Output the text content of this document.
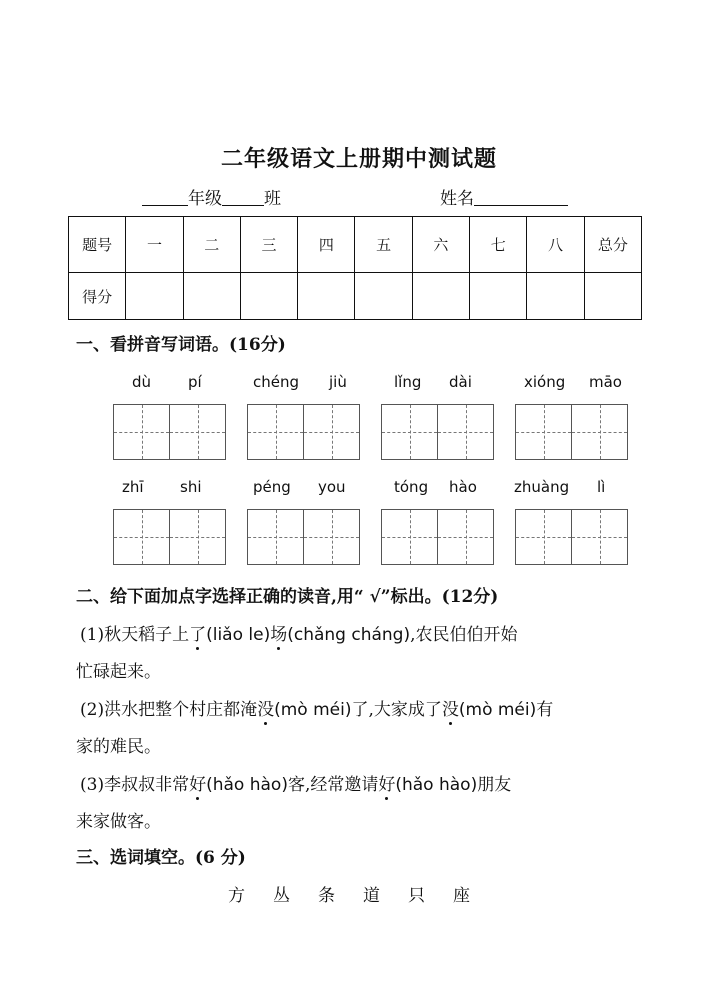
二年级语文上册期中测试题
年级 班	姓名
题号	一	二	三	四	五	六	七	八	总分
得分									
一、看拼音写词语。(16分)
dù pí	chéng jiù	lǐng dài	xióng māo
zhī shi	péng you	tóng hào zhuàng lì
二、给下面加点字选择正确的读音,用“ √”标出。(12分)
(1)秋天稻子上了(liǎo le)场(chǎng cháng),农民伯伯开始
忙碌起来。
(2)洪水把整个村庄都淹没(mò méi)了,大家成了没(mò méi)有
家的难民。
(3)李叔叔非常好(hǎo hào)客,经常邀请好(hǎo hào)朋友
来家做客。
三、选词填空。(6 分)
方 丛 条 道 只 座
